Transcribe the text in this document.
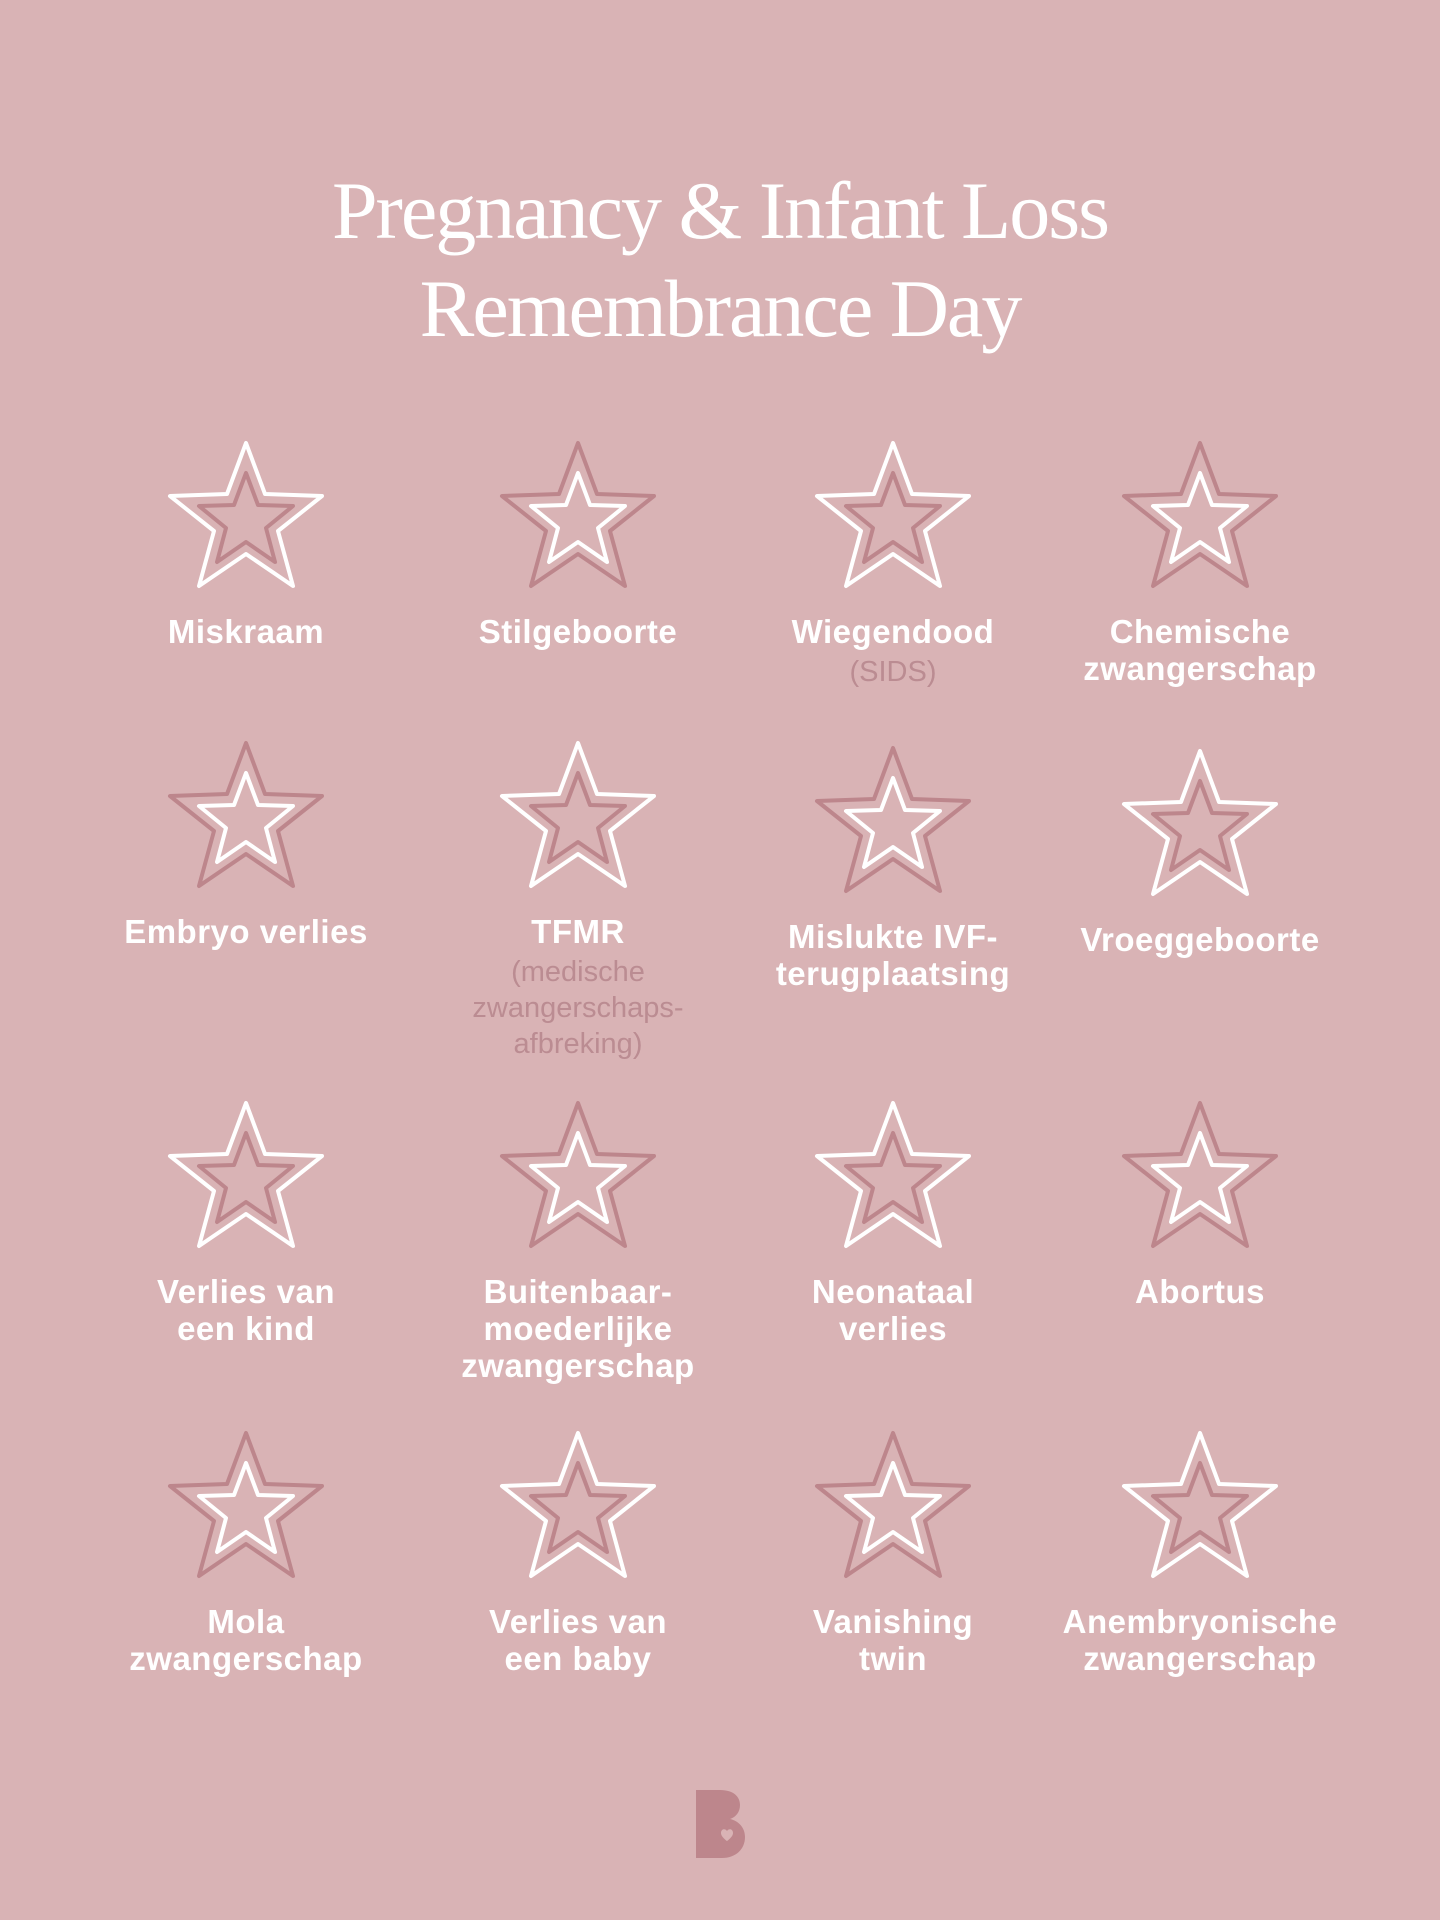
Pregnancy & Infant Loss
Remembrance Day
Miskraam	Stilgeboorte	Wiegendood
(SIDS)
Chemische
zwangerschap
Embryo verlies	TFMR
(medische
zwangerschaps-
afbreking)
Mislukte IVF-
terugplaatsing
Vroeggeboorte
Verlies van
een kind
Buitenbaar-
moederlijke
zwangerschap
Neonataal
verlies
Abortus
Mola
zwangerschap
Verlies van
een baby
Vanishing
twin
Anembryonische
zwangerschap
